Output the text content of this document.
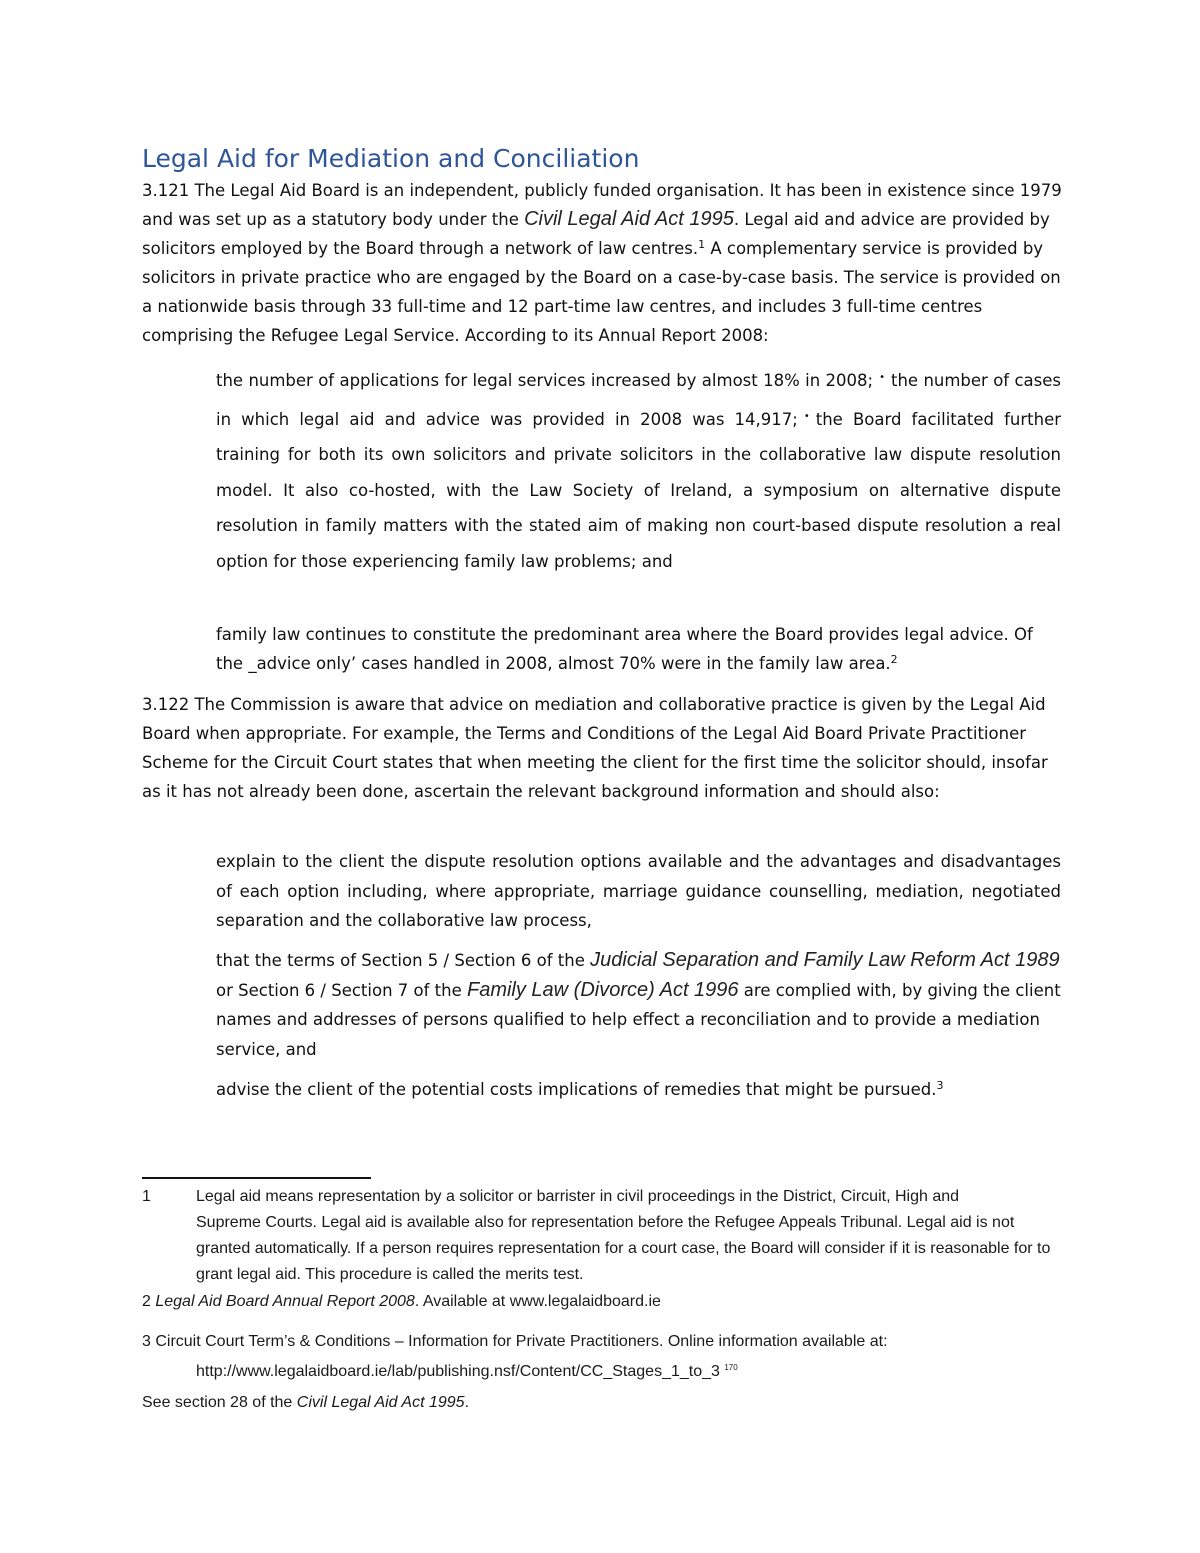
Legal Aid for Mediation and Conciliation

3.121 The Legal Aid Board is an independent, publicly funded organisation. It has been in existence since 1979 and was set up as a statutory body under the Civil Legal Aid Act 1995. Legal aid and advice are provided by solicitors employed by the Board through a network of law centres.$^1$ A complementary service is provided by solicitors in private practice who are engaged by the Board on a case-by-case basis. The service is provided on a nationwide basis through 33 full-time and 12 part-time law centres, and includes 3 full-time centres comprising the Refugee Legal Service. According to its Annual Report 2008:

the number of applications for legal services increased by almost 18% in 2008; • the number of cases in which legal aid and advice was provided in 2008 was 14,917; • the Board facilitated further training for both its own solicitors and private solicitors in the collaborative law dispute resolution model. It also co-hosted, with the Law Society of Ireland, a symposium on alternative dispute resolution in family matters with the stated aim of making non court-based dispute resolution a real option for those experiencing family law problems; and

family law continues to constitute the predominant area where the Board provides legal advice. Of the _advice only’ cases handled in 2008, almost 70% were in the family law area.$^2$

3.122 The Commission is aware that advice on mediation and collaborative practice is given by the Legal Aid Board when appropriate. For example, the Terms and Conditions of the Legal Aid Board Private Practitioner Scheme for the Circuit Court states that when meeting the client for the first time the solicitor should, insofar as it has not already been done, ascertain the relevant background information and should also:

explain to the client the dispute resolution options available and the advantages and disadvantages of each option including, where appropriate, marriage guidance counselling, mediation, negotiated separation and the collaborative law process,

that the terms of Section 5 / Section 6 of the Judicial Separation and Family Law Reform Act 1989 or Section 6 / Section 7 of the Family Law (Divorce) Act 1996 are complied with, by giving the client names and addresses of persons qualified to help effect a reconciliation and to provide a mediation service, and

advise the client of the potential costs implications of remedies that might be pursued.$^3$

1	Legal aid means representation by a solicitor or barrister in civil proceedings in the District, Circuit, High and
Supreme Courts. Legal aid is available also for representation before the Refugee Appeals Tribunal. Legal aid is not granted automatically. If a person requires representation for a court case, the Board will consider if it is reasonable for to grant legal aid. This procedure is called the merits test.
2 Legal Aid Board Annual Report 2008. Available at www.legalaidboard.ie
3 Circuit Court Term’s & Conditions – Information for Private Practitioners. Online information available at:
http://www.legalaidboard.ie/lab/publishing.nsf/Content/CC_Stages_1_to_3 $^{170}$
See section 28 of the Civil Legal Aid Act 1995.
